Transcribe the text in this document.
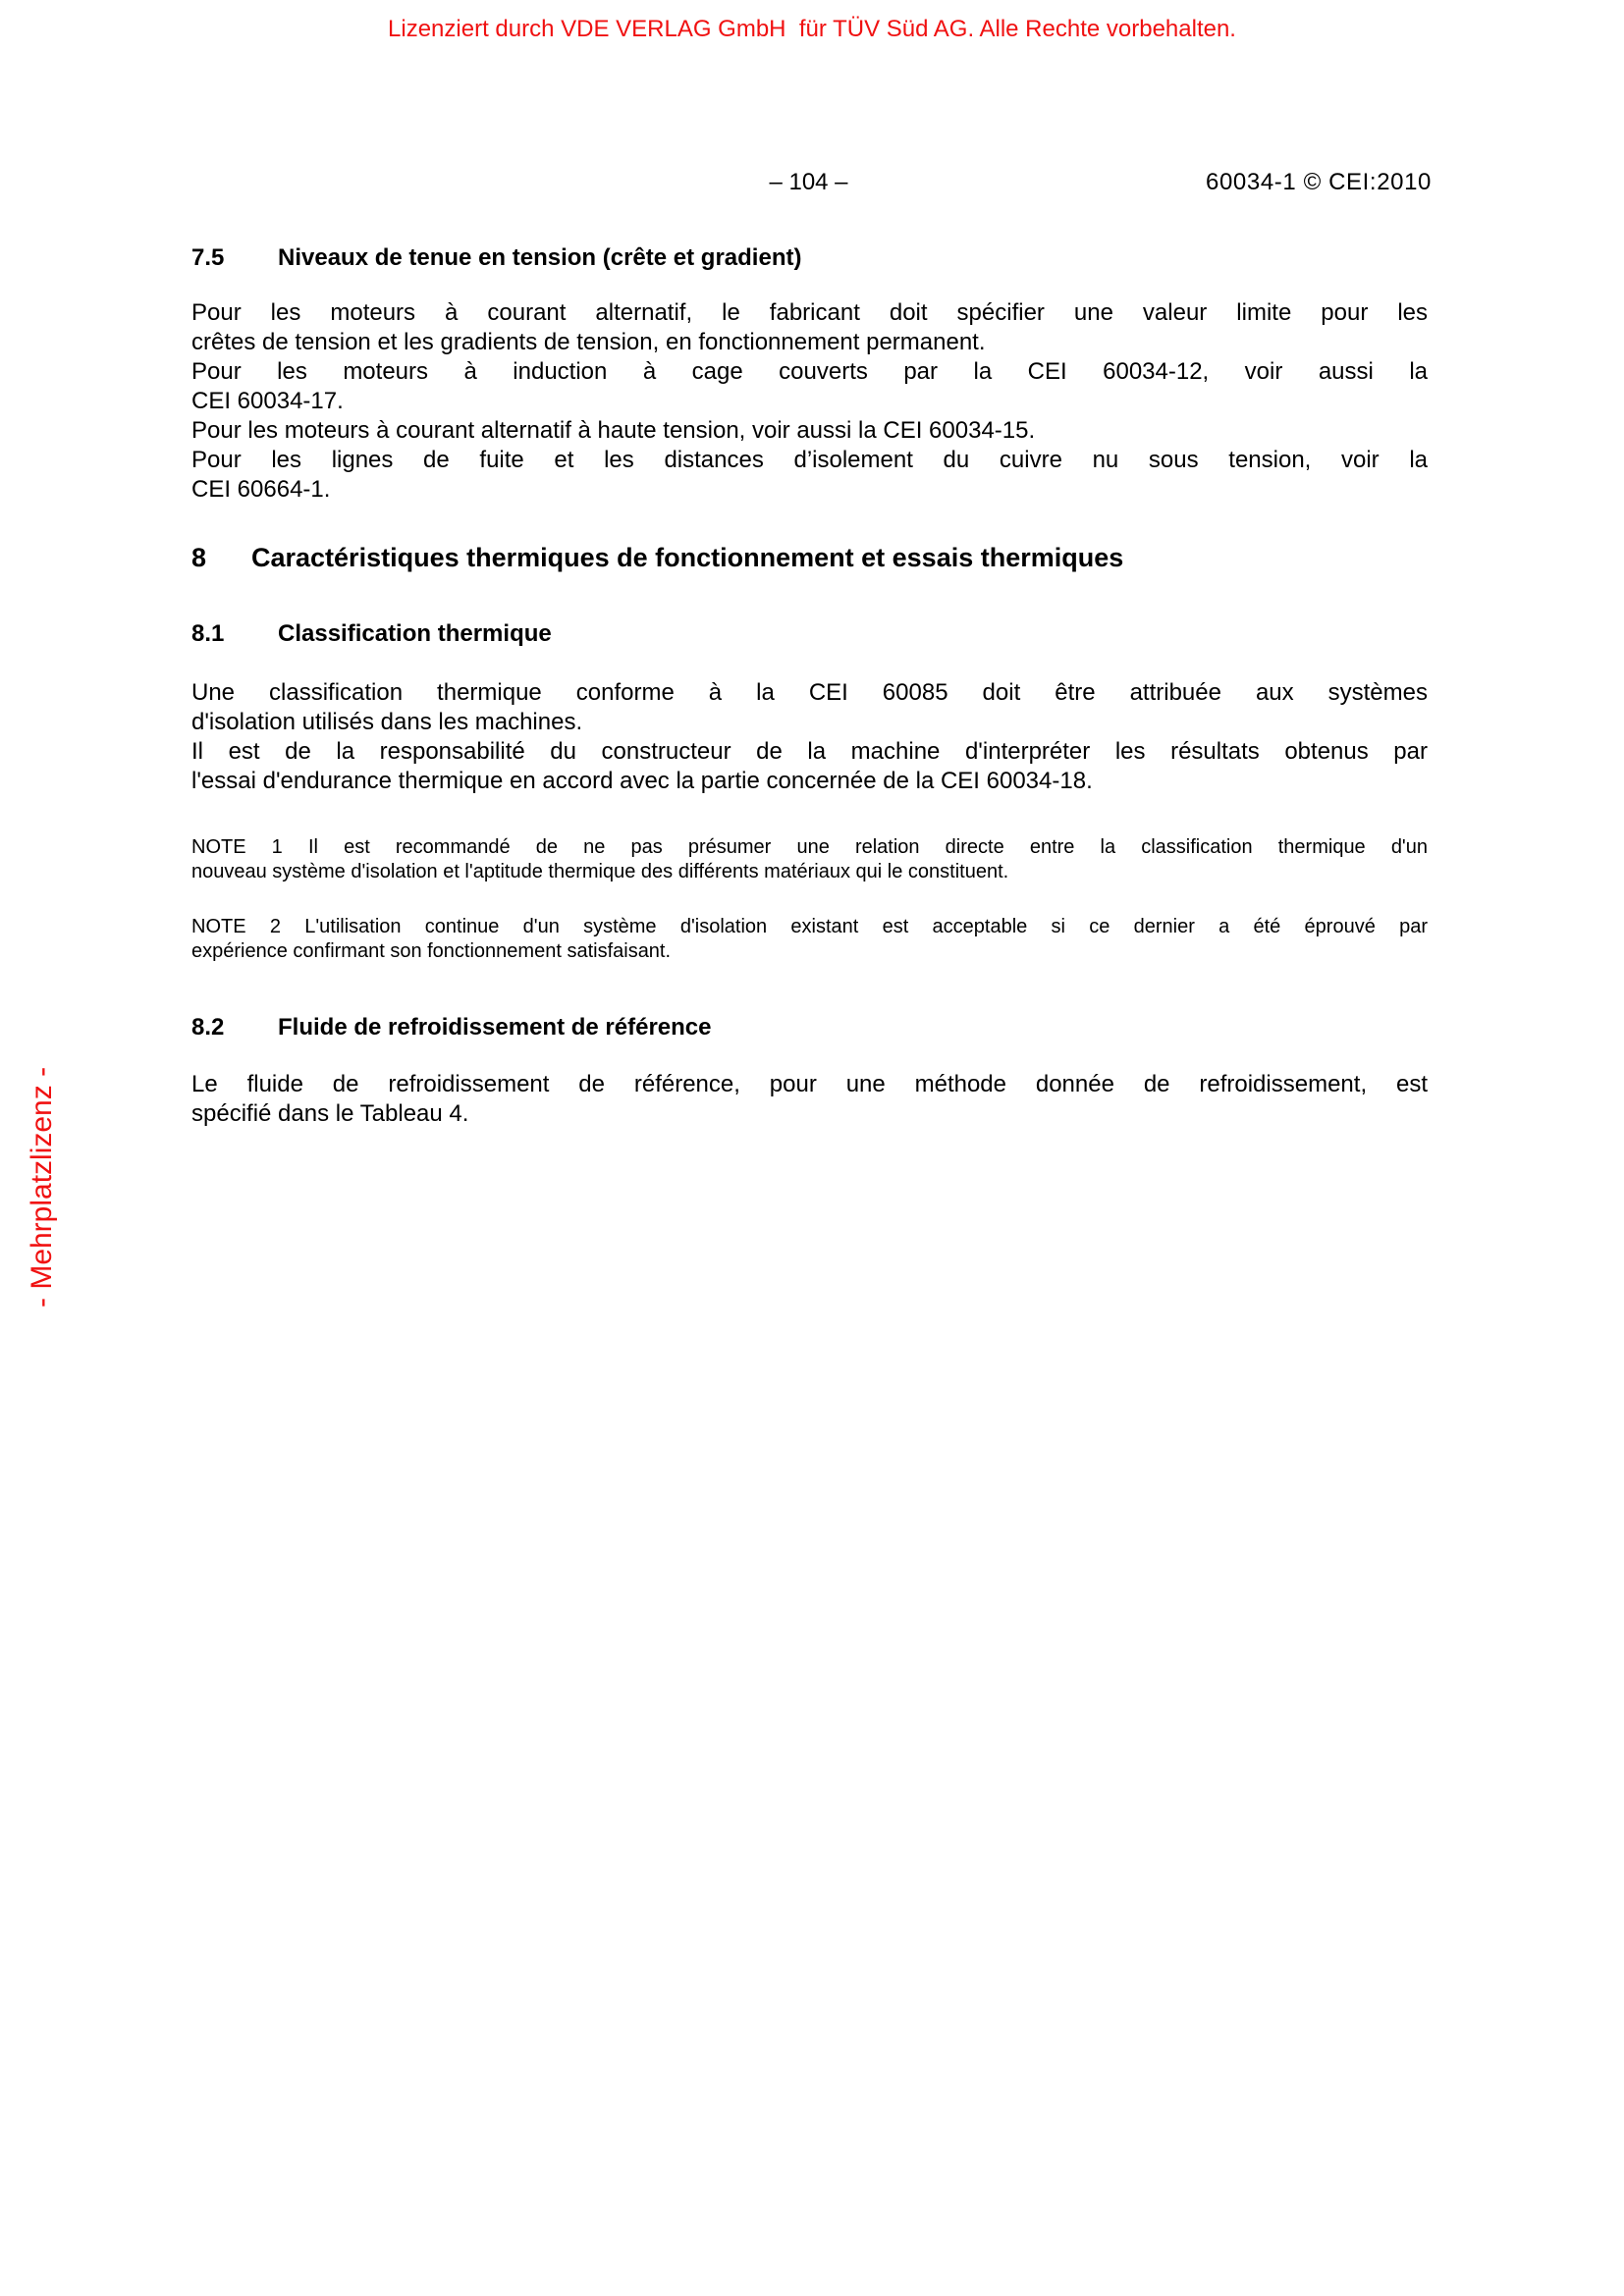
Lizenziert durch VDE VERLAG GmbH  für TÜV Süd AG. Alle Rechte vorbehalten.
– 104 –	60034-1 © CEI:2010
- Mehrplatzlizenz -
7.5	Niveaux de tenue en tension (crête et gradient)

Pour les moteurs à courant alternatif, le fabricant doit spécifier une valeur limite pour les
crêtes de tension et les gradients de tension, en fonctionnement permanent.

Pour les moteurs à induction à cage couverts par la CEI 60034-12, voir aussi la
CEI 60034-17.

Pour les moteurs à courant alternatif à haute tension, voir aussi la CEI 60034-15.

Pour les lignes de fuite et les distances d’isolement du cuivre nu sous tension, voir la
CEI 60664-1.

8	Caractéristiques thermiques de fonctionnement et essais thermiques
8.1	Classification thermique

Une classification thermique conforme à la CEI 60085 doit être attribuée aux systèmes
d'isolation utilisés dans les machines.

Il est de la responsabilité du constructeur de la machine d'interpréter les résultats obtenus par
l'essai d'endurance thermique en accord avec la partie concernée de la CEI 60034-18.

NOTE 1 Il est recommandé de ne pas présumer une relation directe entre la classification thermique d'un
nouveau système d'isolation et l'aptitude thermique des différents matériaux qui le constituent.

NOTE 2 L'utilisation continue d'un système d'isolation existant est acceptable si ce dernier a été éprouvé par
expérience confirmant son fonctionnement satisfaisant.

8.2	Fluide de refroidissement de référence

Le fluide de refroidissement de référence, pour une méthode donnée de refroidissement, est
spécifié dans le Tableau 4.
